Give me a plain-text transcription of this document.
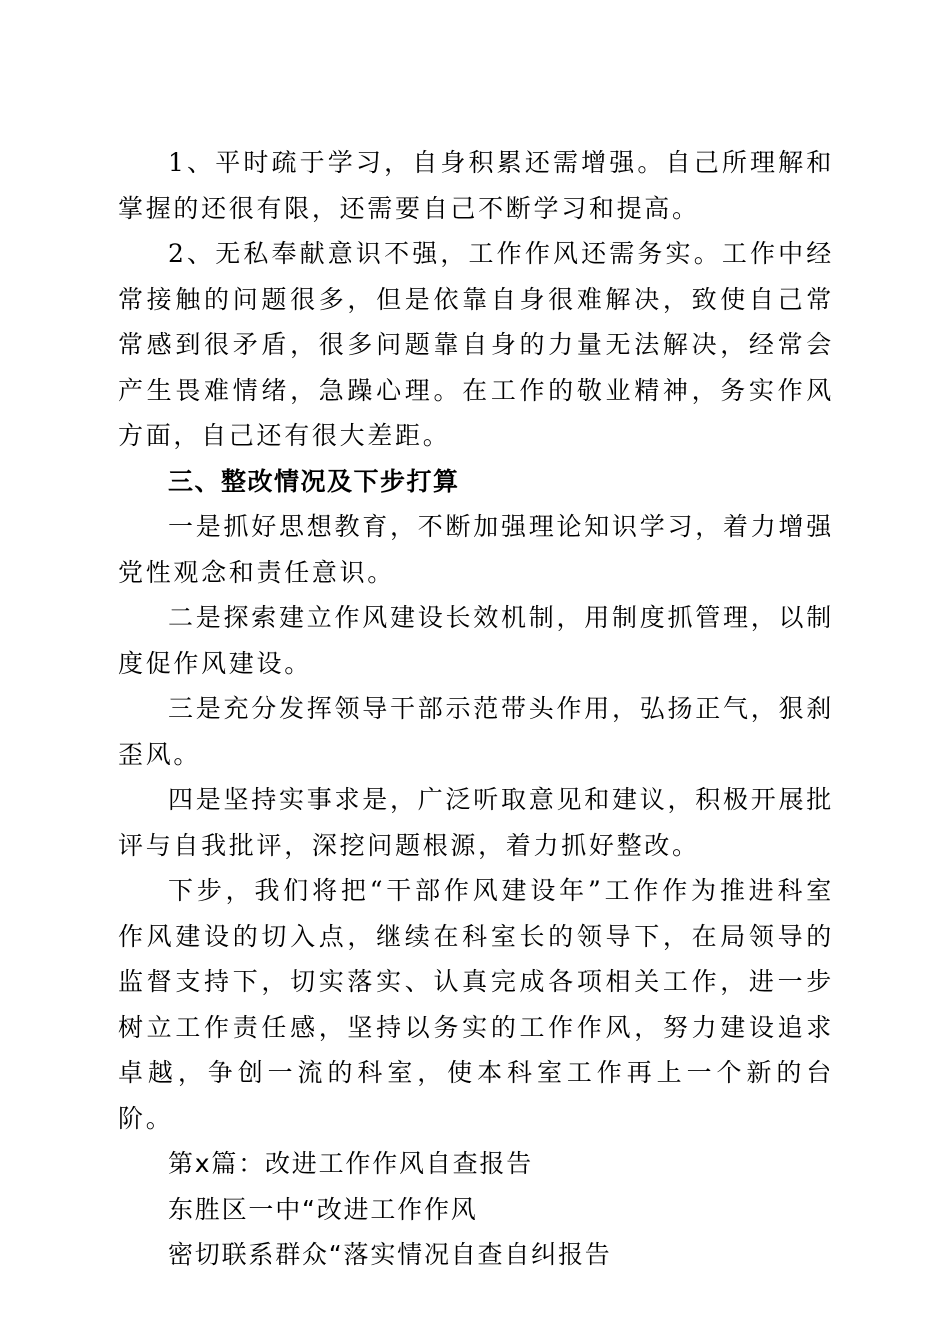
1、平时疏于学习，自身积累还需增强。自己所理解和掌握的还很有限，还需要自己不断学习和提高。

2、无私奉献意识不强，工作作风还需务实。工作中经常接触的问题很多，但是依靠自身很难解决，致使自己常常感到很矛盾，很多问题靠自身的力量无法解决，经常会产生畏难情绪，急躁心理。在工作的敬业精神，务实作风方面，自己还有很大差距。

三、整改情况及下步打算

一是抓好思想教育，不断加强理论知识学习，着力增强党性观念和责任意识。

二是探索建立作风建设长效机制，用制度抓管理，以制度促作风建设。

三是充分发挥领导干部示范带头作用，弘扬正气，狠刹歪风。

四是坚持实事求是，广泛听取意见和建议，积极开展批评与自我批评，深挖问题根源，着力抓好整改。

下步，我们将把“干部作风建设年”工作作为推进科室作风建设的切入点，继续在科室长的领导下，在局领导的监督支持下，切实落实、认真完成各项相关工作，进一步树立工作责任感，坚持以务实的工作作风，努力建设追求卓越，争创一流的科室，使本科室工作再上一个新的台阶。

第x篇：改进工作作风自查报告

东胜区一中“改进工作作风

密切联系群众“落实情况自查自纠报告
